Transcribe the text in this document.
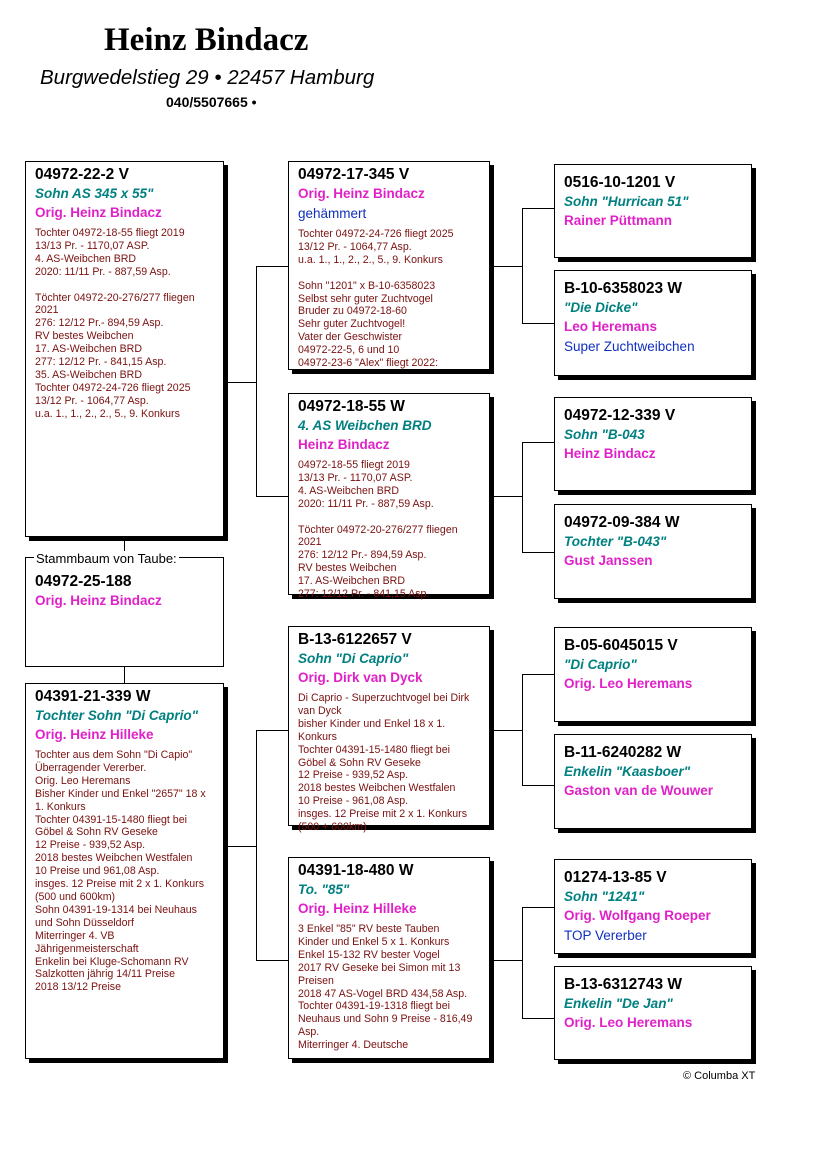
Heinz Bindacz
Burgwedelstieg 29 • 22457 Hamburg
040/5507665 •
04972-22-2 V
Sohn AS 345 x 55"
Orig. Heinz Bindacz
Tochter 04972-18-55 fliegt 2019
13/13 Pr. - 1170,07 ASP.
4. AS-Weibchen BRD
2020: 11/11 Pr. - 887,59 Asp.

Töchter 04972-20-276/277 fliegen 2021
276: 12/12 Pr.- 894,59 Asp.
RV bestes Weibchen
17. AS-Weibchen BRD
277: 12/12 Pr. - 841,15 Asp.
35. AS-Weibchen BRD
Tochter 04972-24-726 fliegt 2025
13/12 Pr. - 1064,77 Asp.
u.a. 1., 1., 2., 2., 5., 9. Konkurs
04972-25-188
Orig. Heinz Bindacz
Stammbaum von Taube:
04391-21-339 W
Tochter Sohn "Di Caprio"
Orig. Heinz Hilleke
Tochter aus dem Sohn "Di Capio"
Überragender Vererber.
Orig. Leo Heremans
Bisher Kinder und Enkel "2657" 18 x 1. Konkurs
Tochter 04391-15-1480 fliegt bei Göbel & Sohn RV Geseke
12 Preise - 939,52 Asp.
2018 bestes Weibchen Westfalen
10 Preise und 961,08 Asp.
insges. 12 Preise mit 2 x 1. Konkurs (500 und 600km)
Sohn 04391-19-1314 bei Neuhaus und Sohn Düsseldorf
Miterringer 4. VB Jährigenmeisterschaft
Enkelin bei Kluge-Schomann RV Salzkotten jährig 14/11 Preise
2018 13/12 Preise
04972-17-345 V
Orig. Heinz Bindacz
gehämmert
Tochter 04972-24-726 fliegt 2025
13/12 Pr. - 1064,77 Asp.
u.a. 1., 1., 2., 2., 5., 9. Konkurs

Sohn "1201" x B-10-6358023
Selbst sehr guter Zuchtvogel
Bruder zu 04972-18-60
Sehr guter Zuchtvogel!
Vater der Geschwister
04972-22-5, 6 und 10
04972-23-6 "Alex" fliegt 2022:
04972-18-55 W
4. AS Weibchen BRD
Heinz Bindacz
04972-18-55 fliegt 2019
13/13 Pr. - 1170,07 ASP.
4. AS-Weibchen BRD
2020: 11/11 Pr. - 887,59 Asp.

Töchter 04972-20-276/277 fliegen 2021
276: 12/12 Pr.- 894,59 Asp.
RV bestes Weibchen
17. AS-Weibchen BRD
277: 12/12 Pr. - 841,15 Asp.
B-13-6122657 V
Sohn "Di Caprio"
Orig. Dirk van Dyck
Di Caprio - Superzuchtvogel bei Dirk van Dyck
bisher Kinder und Enkel 18 x 1. Konkurs
Tochter 04391-15-1480 fliegt bei Göbel & Sohn RV Geseke
12 Preise - 939,52 Asp.
2018 bestes Weibchen Westfalen
10 Preise - 961,08 Asp.
insges. 12 Preise mit 2 x 1. Konkurs (500 + 600km)
04391-18-480 W
To. "85"
Orig. Heinz Hilleke
3 Enkel "85" RV beste Tauben
Kinder und Enkel 5 x 1. Konkurs
Enkel 15-132 RV bester Vogel
2017 RV Geseke bei Simon mit 13 Preisen
2018 47 AS-Vogel BRD 434,58 Asp.
Tochter 04391-19-1318 fliegt bei Neuhaus und Sohn 9 Preise - 816,49 Asp.
Miterringer 4. Deutsche
0516-10-1201 V
Sohn "Hurrican 51"
Rainer Püttmann
B-10-6358023 W
"Die Dicke"
Leo Heremans
Super Zuchtweibchen
04972-12-339 V
Sohn "B-043
Heinz Bindacz
04972-09-384 W
Tochter "B-043"
Gust Janssen
B-05-6045015 V
"Di Caprio"
Orig. Leo Heremans
B-11-6240282 W
Enkelin "Kaasboer"
Gaston van de Wouwer
01274-13-85 V
Sohn "1241"
Orig. Wolfgang Roeper
TOP Vererber
B-13-6312743 W
Enkelin "De Jan"
Orig. Leo Heremans
© Columba XT
